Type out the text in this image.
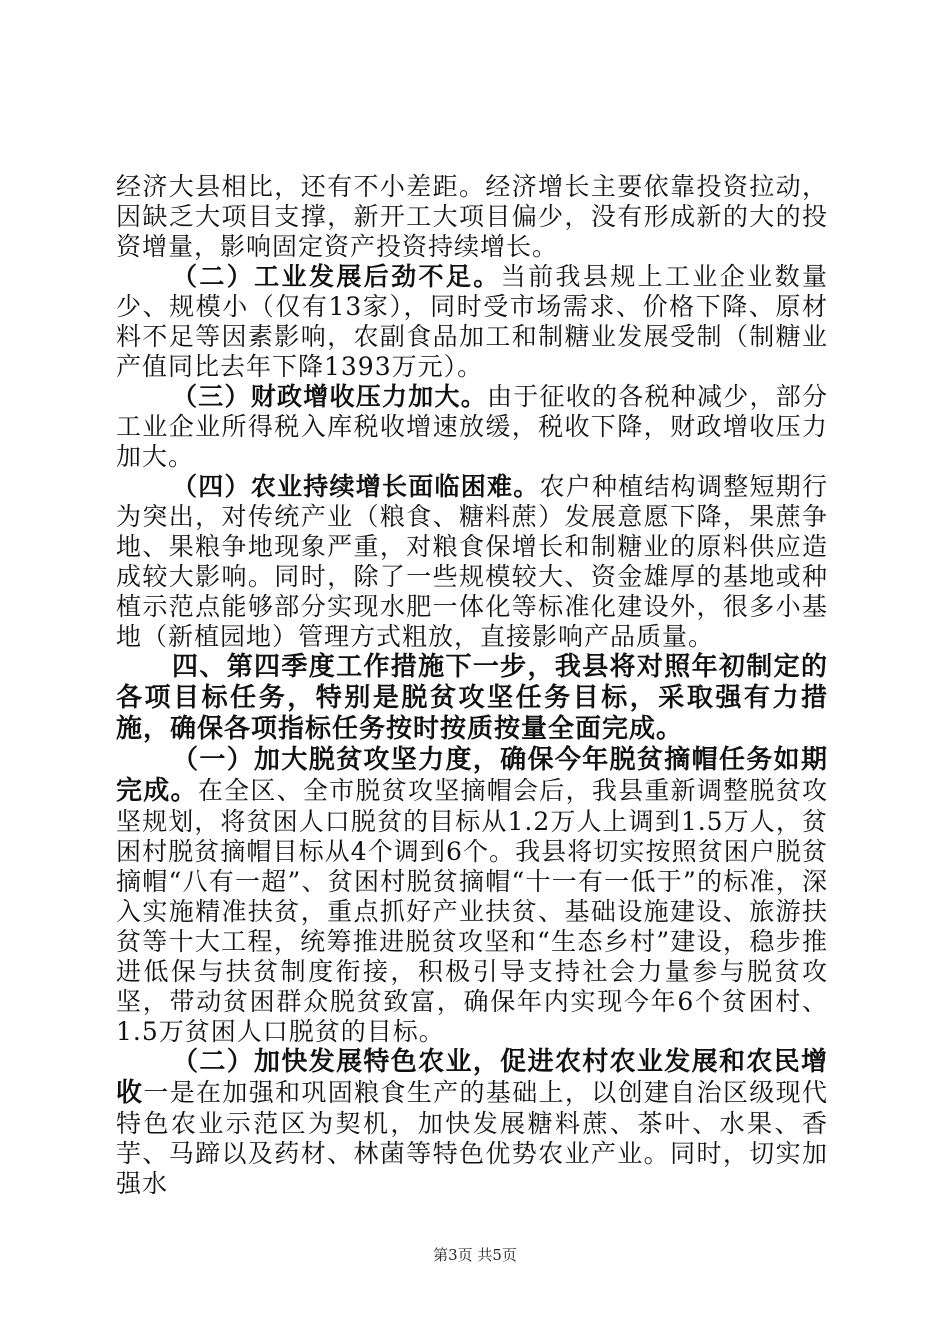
经济大县相比，还有不小差距。经济增长主要依靠投资拉动，因缺乏大项目支撑，新开工大项目偏少，没有形成新的大的投资增量，影响固定资产投资持续增长。

（二）工业发展后劲不足。当前我县规上工业企业数量少、规模小（仅有13家），同时受市场需求、价格下降、原材料不足等因素影响，农副食品加工和制糖业发展受制（制糖业产值同比去年下降1393万元）。

（三）财政增收压力加大。由于征收的各税种减少，部分工业企业所得税入库税收增速放缓，税收下降，财政增收压力加大。

（四）农业持续增长面临困难。农户种植结构调整短期行为突出，对传统产业（粮食、糖料蔗）发展意愿下降，果蔗争地、果粮争地现象严重，对粮食保增长和制糖业的原料供应造成较大影响。同时，除了一些规模较大、资金雄厚的基地或种植示范点能够部分实现水肥一体化等标准化建设外，很多小基地（新植园地）管理方式粗放，直接影响产品质量。

四、第四季度工作措施下一步，我县将对照年初制定的各项目标任务，特别是脱贫攻坚任务目标，采取强有力措施，确保各项指标任务按时按质按量全面完成。

（一）加大脱贫攻坚力度，确保今年脱贫摘帽任务如期完成。在全区、全市脱贫攻坚摘帽会后，我县重新调整脱贫攻坚规划，将贫困人口脱贫的目标从1.2万人上调到1.5万人，贫困村脱贫摘帽目标从4个调到6个。我县将切实按照贫困户脱贫摘帽“八有一超”、贫困村脱贫摘帽“十一有一低于”的标准，深入实施精准扶贫，重点抓好产业扶贫、基础设施建设、旅游扶贫等十大工程，统筹推进脱贫攻坚和“生态乡村”建设，稳步推进低保与扶贫制度衔接，积极引导支持社会力量参与脱贫攻坚，带动贫困群众脱贫致富，确保年内实现今年6个贫困村、1.5万贫困人口脱贫的目标。

（二）加快发展特色农业，促进农村农业发展和农民增收一是在加强和巩固粮食生产的基础上，以创建自治区级现代特色农业示范区为契机，加快发展糖料蔗、茶叶、水果、香芋、马蹄以及药材、林菌等特色优势农业产业。同时，切实加强水

第3页 共5页
